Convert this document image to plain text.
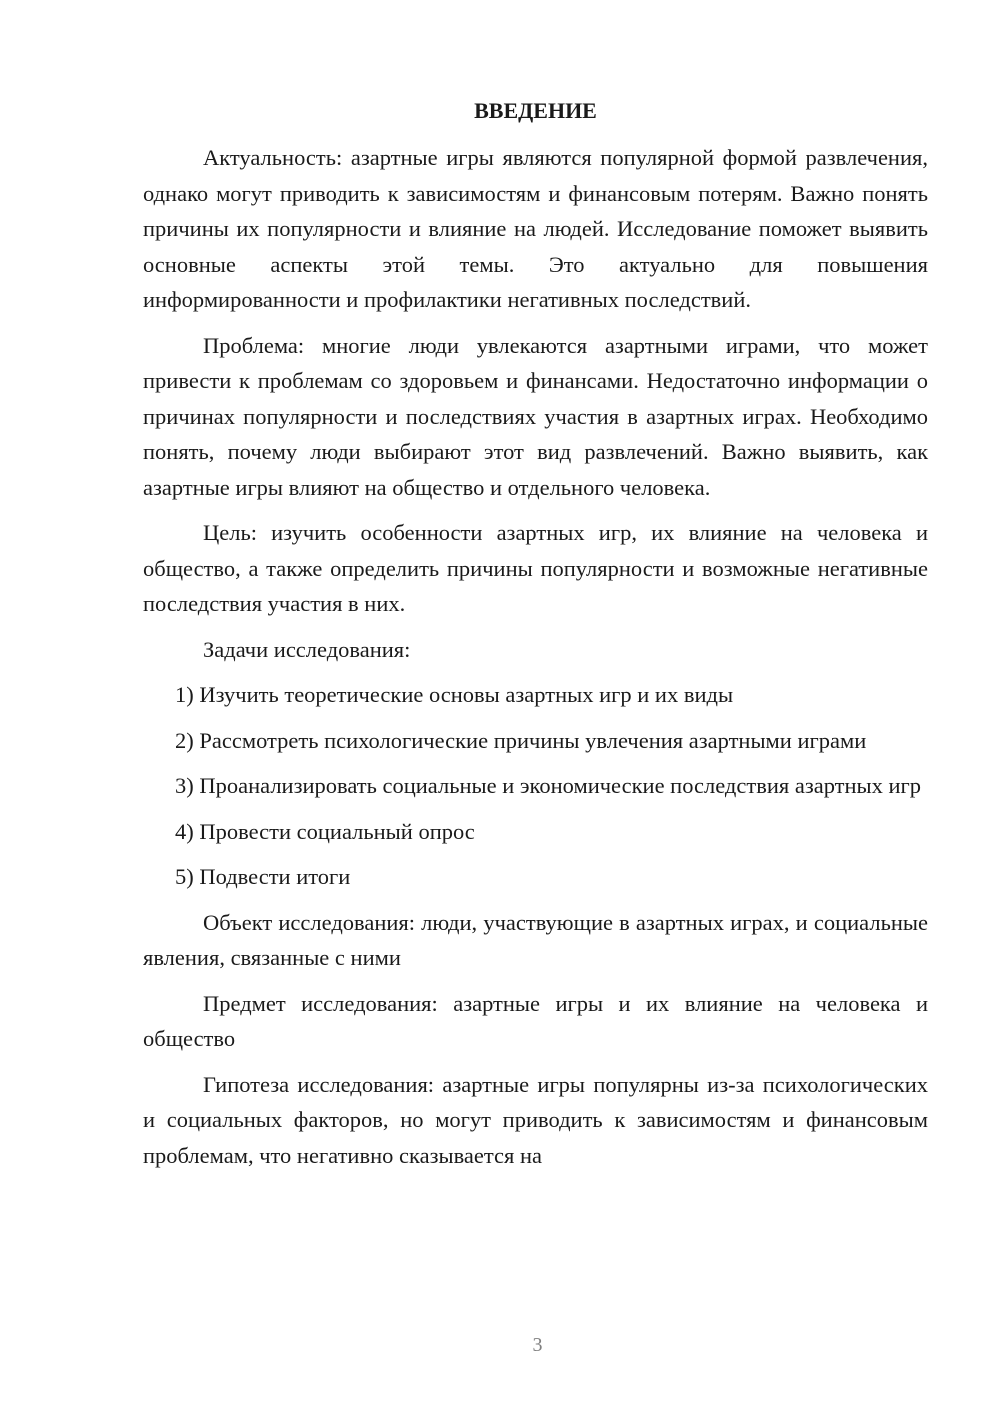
ВВЕДЕНИЕ

Актуальность: азартные игры являются популярной формой развлечения, однако могут приводить к зависимостям и финансовым потерям. Важно понять причины их популярности и влияние на людей. Исследование поможет выявить основные аспекты этой темы. Это актуально для повышения информированности и профилактики негативных последствий.

Проблема: многие люди увлекаются азартными играми, что может привести к проблемам со здоровьем и финансами. Недостаточно информации о причинах популярности и последствиях участия в азартных играх. Необходимо понять, почему люди выбирают этот вид развлечений. Важно выявить, как азартные игры влияют на общество и отдельного человека.

Цель: изучить особенности азартных игр, их влияние на человека и общество, а также определить причины популярности и возможные негативные последствия участия в них.

Задачи исследования:

1) Изучить теоретические основы азартных игр и их виды

2) Рассмотреть психологические причины увлечения азартными играми

3) Проанализировать социальные и экономические последствия азартных игр

4) Провести социальный опрос

5) Подвести итоги

Объект исследования: люди, участвующие в азартных играх, и социальные явления, связанные с ними

Предмет исследования: азартные игры и их влияние на человека и общество

Гипотеза исследования: азартные игры популярны из-за психологических и социальных факторов, но могут приводить к зависимостям и финансовым проблемам, что негативно сказывается на

3
